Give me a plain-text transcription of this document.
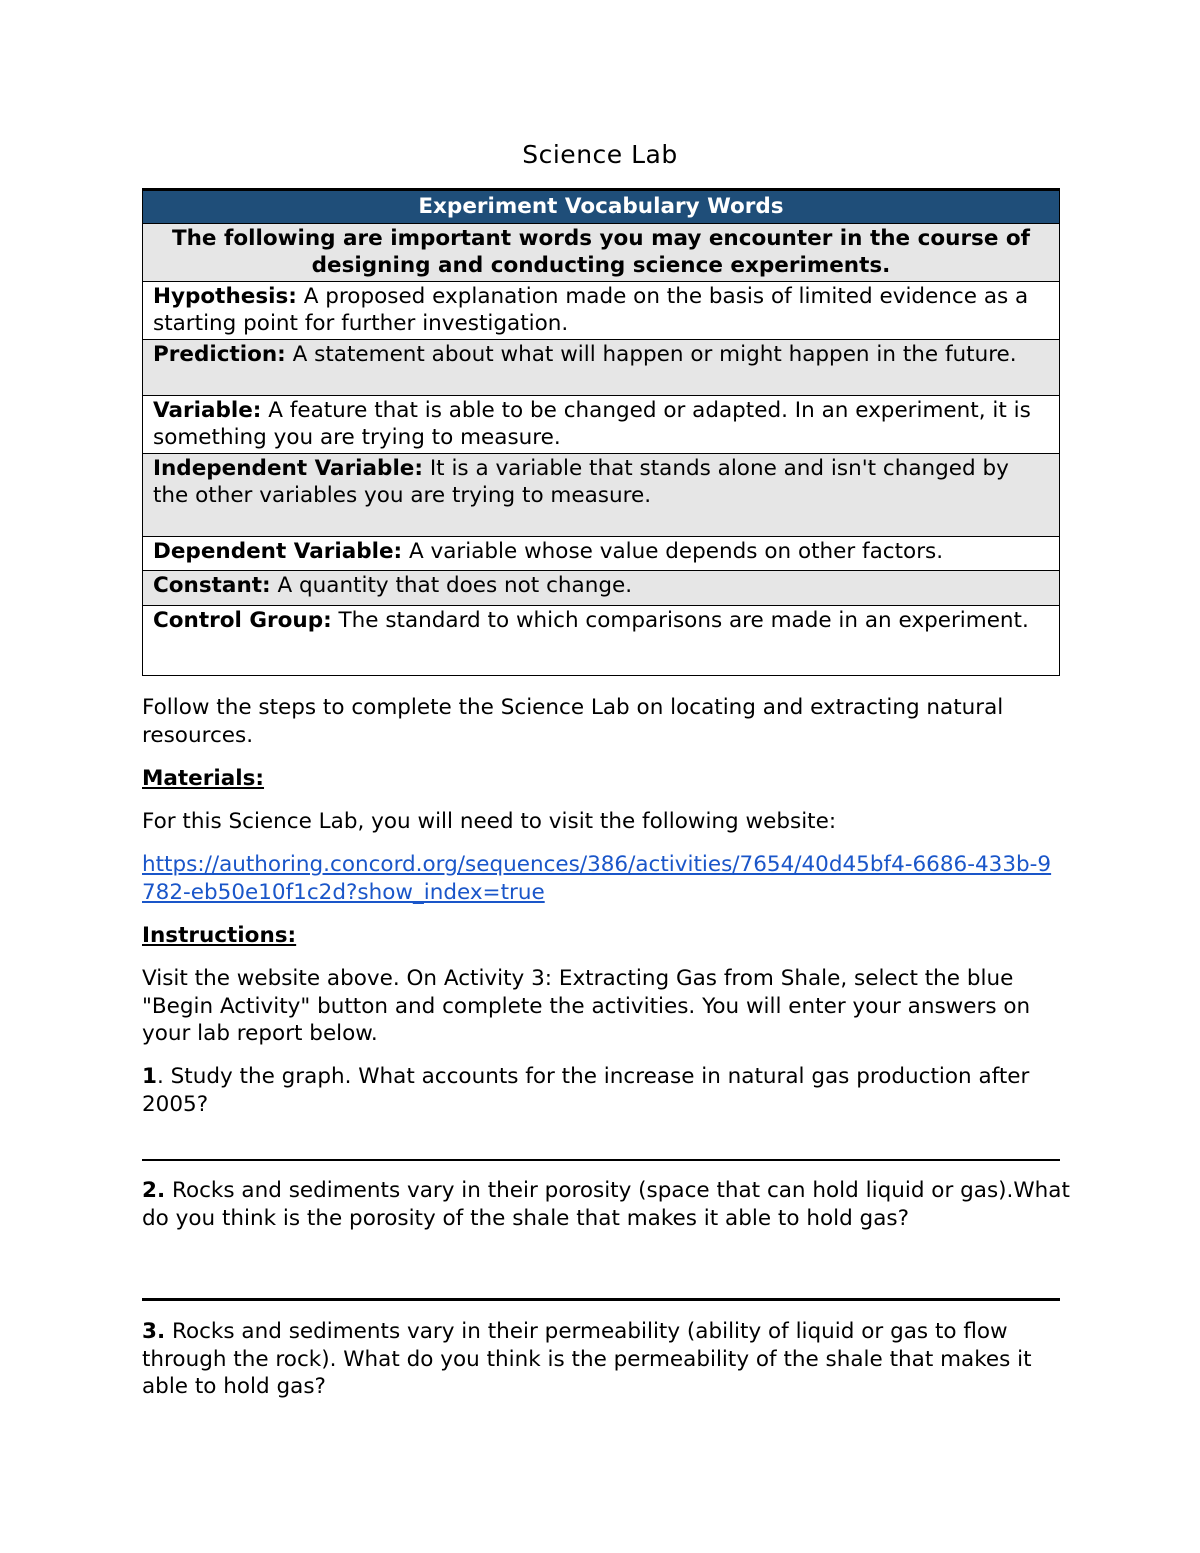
Science Lab
Experiment Vocabulary Words
The following are important words you may encounter in the course of designing and conducting science experiments.
Hypothesis: A proposed explanation made on the basis of limited evidence as a starting point for further investigation.
Prediction: A statement about what will happen or might happen in the future.
Variable: A feature that is able to be changed or adapted. In an experiment, it is something you are trying to measure.
Independent Variable: It is a variable that stands alone and isn't changed by
the other variables you are trying to measure.
Dependent Variable: A variable whose value depends on other factors.
Constant: A quantity that does not change.
Control Group: The standard to which comparisons are made in an experiment.
Follow the steps to complete the Science Lab on locating and extracting natural resources.
Materials:
For this Science Lab, you will need to visit the following website:
https://authoring.concord.org/sequences/386/activities/7654/40d45bf4-6686-433b-9782-eb50e10f1c2d?show_index=true
Instructions:
Visit the website above. On Activity 3: Extracting Gas from Shale, select the blue "Begin Activity" button and complete the activities. You will enter your answers on your lab report below.
1. Study the graph. What accounts for the increase in natural gas production after 2005?
2. Rocks and sediments vary in their porosity (space that can hold liquid or gas).What do you think is the porosity of the shale that makes it able to hold gas?
3. Rocks and sediments vary in their permeability (ability of liquid or gas to flow through the rock). What do you think is the permeability of the shale that makes it able to hold gas?
